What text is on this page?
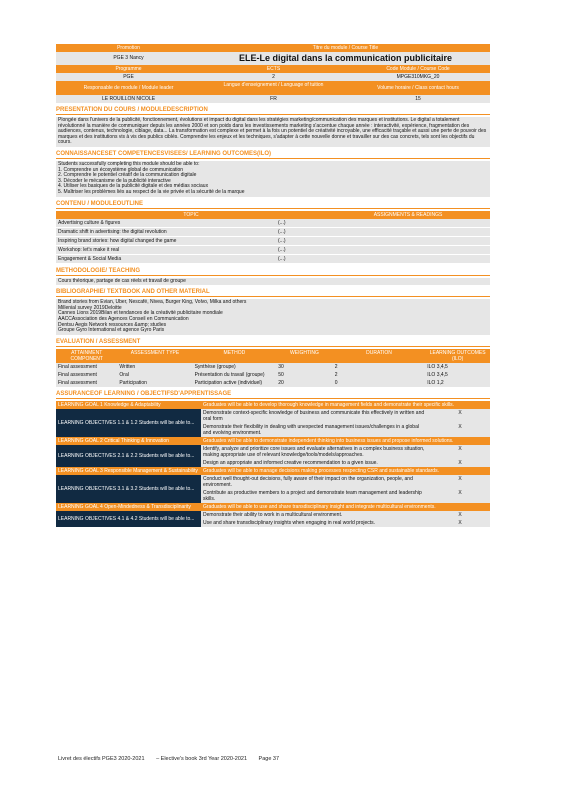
Promotion	Titre du module / Course Title
PGE 3 Nancy	ELE-Le digital dans la communication publicitaire
Programme	ECTS	Code Module / Course Code
PGE	2	MPGE310MKG_20
Responsable de module / Module leader	Langue d'enseignement / Language of tuition	Volume horaire / Class contact hours
LE ROUILLON NICOLE	FR	15
PRESENTATION DU COURS / MODULEDESCRIPTION
Plongée dans l'univers de la publicité, fonctionnement, évolutions et impact du digital dans les stratégies marketing/communication des marques et institutions. Le digital a totalement révolutionné la manière de communiquer depuis les années 2000 et son poids dans les investissements marketing s'accentue chaque année : interactivité, expérience, fragmentation des audiences, contenus, technologie, ciblage, data... La transformation est complexe et permet à la fois un potentiel de créativité incroyable, une efficacité traçable et aussi une perte de pouvoir des marques et des institutions vis à vis des publics ciblés. Comprendre les enjeux et les techniques, s'adapter à cette nouvelle donne et travailler sur des cas concrets, tels sont les objectifs du cours.
CONNAISSANCESET COMPETENCESVISEES/ LEARNING OUTCOMES(ILO)
Students successfully completing this module should be able to:
1. Comprendre un écosystème global de communication
2. Comprendre le potentiel créatif de la communication digitale
3. Décoder le mécanisme de la publicité interactive
4. Utiliser les basiques de la publicité digitale et des médias sociaux
5. Maîtriser les problèmes liés au respect de la vie privée et la sécurité de la marque
CONTENU / MODULEOUTLINE
TOPIC	ASSIGNMENTS & READINGS
Advertising culture & figures	(...)
Dramatic shift in advertising: the digital revolution	(...)
Inspiring brand stories: how digital changed the game	(...)
Workshop: let's make it real	(...)
Engagement & Social Media	(...)
METHODOLOGIE/ TEACHING
Cours théorique, partage de cas réels et travail de groupe
BIBLIOGRAPHIE/ TEXTBOOK AND OTHER MATERIAL
Brand stories from Evian, Uber, Nescafé, Nivea, Burger King, Volvo, Milka and others
Millenial survey 2019Deloitte
Cannes Lions 2019Bilan et tendances de la créativité publicitaire mondiale
AACCAssociation des Agences Conseil en Communication
Dentsu Aegis Network ressources &amp; studies
Groupe Gyro International et agence Gyro Paris
EVALUATION / ASSESSMENT
ATTAINMENT COMPONENT	ASSESSMENT TYPE	METHOD	WEIGHTING	DURATION	LEARNING OUTCOMES (ILO)
Final assessment	Written	Synthèse (groupe)	30	2	ILO 3,4,5
Final assessment	Oral	Présentation du travail (groupe)	50	2	ILO 3,4,5
Final assessment	Participation	Participation active (individuel)	20	0	ILO 1,2
ASSURANCEOF LEARNING / OBJECTIFSD'APPRENTISSAGE
LEARNING GOAL 1 Knowledge & Adaptability	Graduates will be able to develop thorough knowledge in management fields and demonstrate their specific skills.	
LEARNING OBJECTIVES 1.1 & 1.2 Students will be able to...	Demonstrate context-specific knowledge of business and communicate this effectively in written and oral form	X
	Demonstrate their flexibility in dealing with unexpected management issues/challenges in a global and evolving environment.	X
LEARNING GOAL 2 Critical Thinking & Innovation	Graduates will be able to demonstrate independent thinking into business issues and propose informed solutions.	
LEARNING OBJECTIVES 2.1 & 2.2 Students will be able to...	Identify, analyze and prioritize core issues and evaluate alternatives in a complex business situation, making appropriate use of relevant knowledge/tools/models/approaches.	X
	Design an appropriate and informed creative recommendation to a given issue.	X
LEARNING GOAL 3 Responsible Management & Sustainability	Graduates will be able to manage decisions making processes respecting CSR and sustainable standards.	
LEARNING OBJECTIVES 3.1 & 3.2 Students will be able to...	Conduct well thought-out decisions, fully aware of their impact on the organization, people, and environment.	X
	Contribute as productive members to a project and demonstrate team management and leadership skills.	X
LEARNING GOAL 4 Open-Mindedness & Transdisciplinarity	Graduates will be able to use and share transdisciplinary insight and integrate multicultural environments.	
LEARNING OBJECTIVES 4.1 & 4.2 Students will be able to...	Demonstrate their ability to work in a multicultural environment.	X
	Use and share transdisciplinary insights when engaging in real world projects.	X
Livret des électifs PGE3 2020-2021 – Elective's book 3rd Year 2020-2021 Page 37
